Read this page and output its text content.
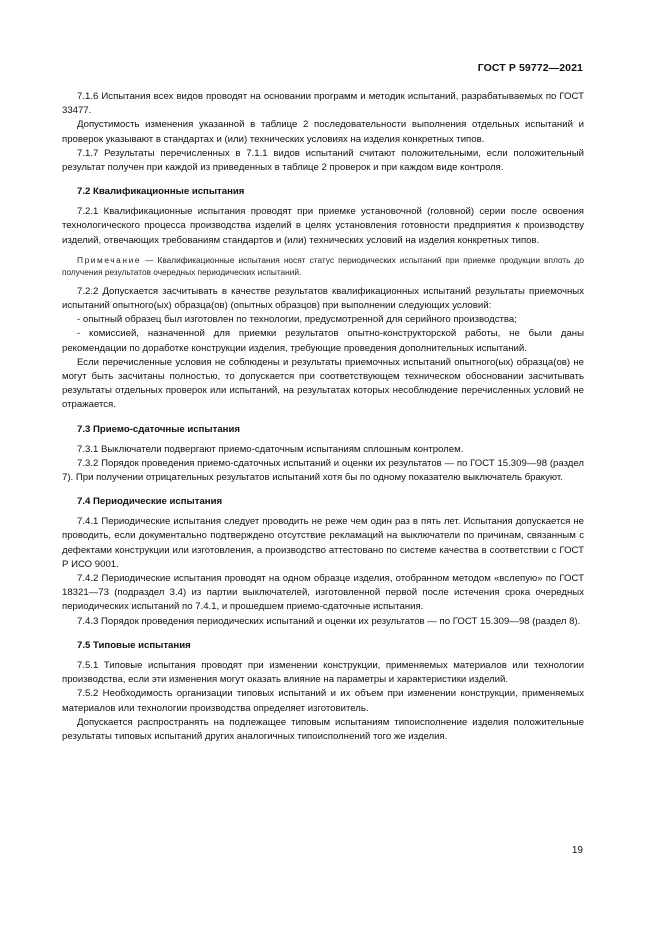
ГОСТ Р 59772—2021

7.1.6 Испытания всех видов проводят на основании программ и методик испытаний, разрабатываемых по ГОСТ 33477.

Допустимость изменения указанной в таблице 2 последовательности выполнения отдельных испытаний и проверок указывают в стандартах и (или) технических условиях на изделия конкретных типов.

7.1.7 Результаты перечисленных в 7.1.1 видов испытаний считают положительными, если положительный результат получен при каждой из приведенных в таблице 2 проверок и при каждом виде контроля.

7.2 Квалификационные испытания

7.2.1 Квалификационные испытания проводят при приемке установочной (головной) серии после освоения технологического процесса производства изделий в целях установления готовности предприятия к производству изделий, отвечающих требованиям стандартов и (или) технических условий на изделия конкретных типов.

Примечание — Квалификационные испытания носят статус периодических испытаний при приемке продукции вплоть до получения результатов очередных периодических испытаний.

7.2.2 Допускается засчитывать в качестве результатов квалификационных испытаний результаты приемочных испытаний опытного(ых) образца(ов) (опытных образцов) при выполнении следующих условий:

- опытный образец был изготовлен по технологии, предусмотренной для серийного производства;

- комиссией, назначенной для приемки результатов опытно-конструкторской работы, не были даны рекомендации по доработке конструкции изделия, требующие проведения дополнительных испытаний.

Если перечисленные условия не соблюдены и результаты приемочных испытаний опытного(ых) образца(ов) не могут быть засчитаны полностью, то допускается при соответствующем техническом обосновании засчитывать результаты отдельных проверок или испытаний, на результатах которых несоблюдение перечисленных условий не отражается.

7.3 Приемо-сдаточные испытания

7.3.1 Выключатели подвергают приемо-сдаточным испытаниям сплошным контролем.

7.3.2 Порядок проведения приемо-сдаточных испытаний и оценки их результатов — по ГОСТ 15.309—98 (раздел 7). При получении отрицательных результатов испытаний хотя бы по одному показателю выключатель бракуют.

7.4 Периодические испытания

7.4.1 Периодические испытания следует проводить не реже чем один раз в пять лет. Испытания допускается не проводить, если документально подтверждено отсутствие рекламаций на выключатели по причинам, связанным с дефектами конструкции или изготовления, а производство аттестовано по системе качества в соответствии с ГОСТ Р ИСО 9001.

7.4.2 Периодические испытания проводят на одном образце изделия, отобранном методом «вслепую» по ГОСТ 18321—73 (подраздел 3.4) из партии выключателей, изготовленной первой после истечения срока очередных периодических испытаний по 7.4.1, и прошедшем приемо-сдаточные испытания.

7.4.3 Порядок проведения периодических испытаний и оценки их результатов — по ГОСТ 15.309—98 (раздел 8).

7.5 Типовые испытания

7.5.1 Типовые испытания проводят при изменении конструкции, применяемых материалов или технологии производства, если эти изменения могут оказать влияние на параметры и характеристики изделий.

7.5.2 Необходимость организации типовых испытаний и их объем при изменении конструкции, применяемых материалов или технологии производства определяет изготовитель.

Допускается распространять на подлежащее типовым испытаниям типоисполнение изделия положительные результаты типовых испытаний других аналогичных типоисполнений того же изделия.

19
